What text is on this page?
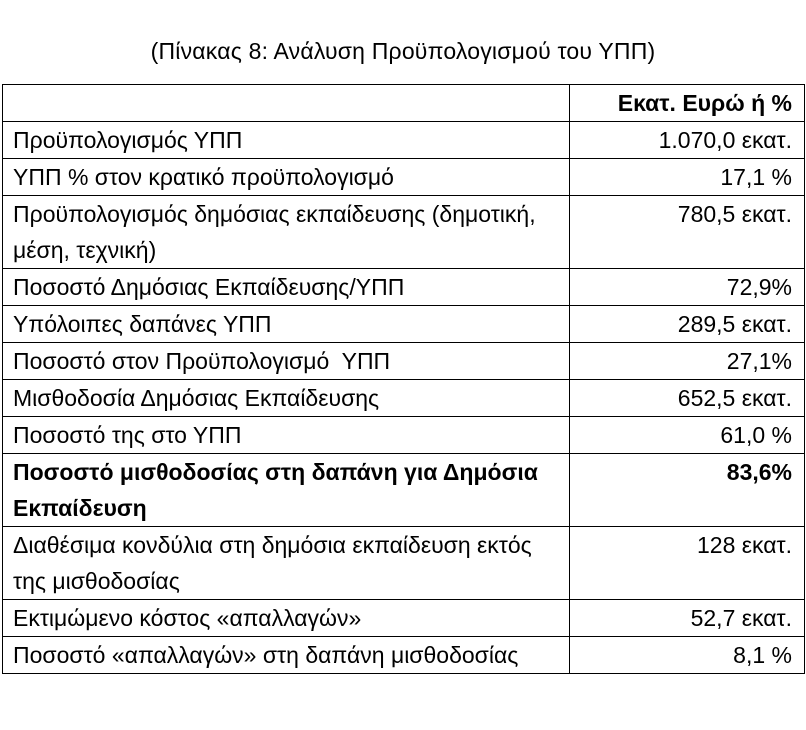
(Πίνακας 8: Ανάλυση Προϋπολογισμού του ΥΠΠ)
	Εκατ. Ευρώ ή %
Προϋπολογισμός ΥΠΠ	1.070,0 εκατ.
ΥΠΠ % στον κρατικό προϋπολογισμό	17,1 %
Προϋπολογισμός δημόσιας εκπαίδευσης (δημοτική, μέση, τεχνική)	780,5 εκατ.
Ποσοστό Δημόσιας Εκπαίδευσης/ΥΠΠ	72,9%
Υπόλοιπες δαπάνες ΥΠΠ	289,5 εκατ.
Ποσοστό στον Προϋπολογισμό  ΥΠΠ	27,1%
Μισθοδοσία Δημόσιας Εκπαίδευσης	652,5 εκατ.
Ποσοστό της στο ΥΠΠ	61,0 %
Ποσοστό μισθοδοσίας στη δαπάνη για Δημόσια Εκπαίδευση	83,6%
Διαθέσιμα κονδύλια στη δημόσια εκπαίδευση εκτός της μισθοδοσίας	128 εκατ.
Εκτιμώμενο κόστος «απαλλαγών»	52,7 εκατ.
Ποσοστό «απαλλαγών» στη δαπάνη μισθοδοσίας	8,1 %
